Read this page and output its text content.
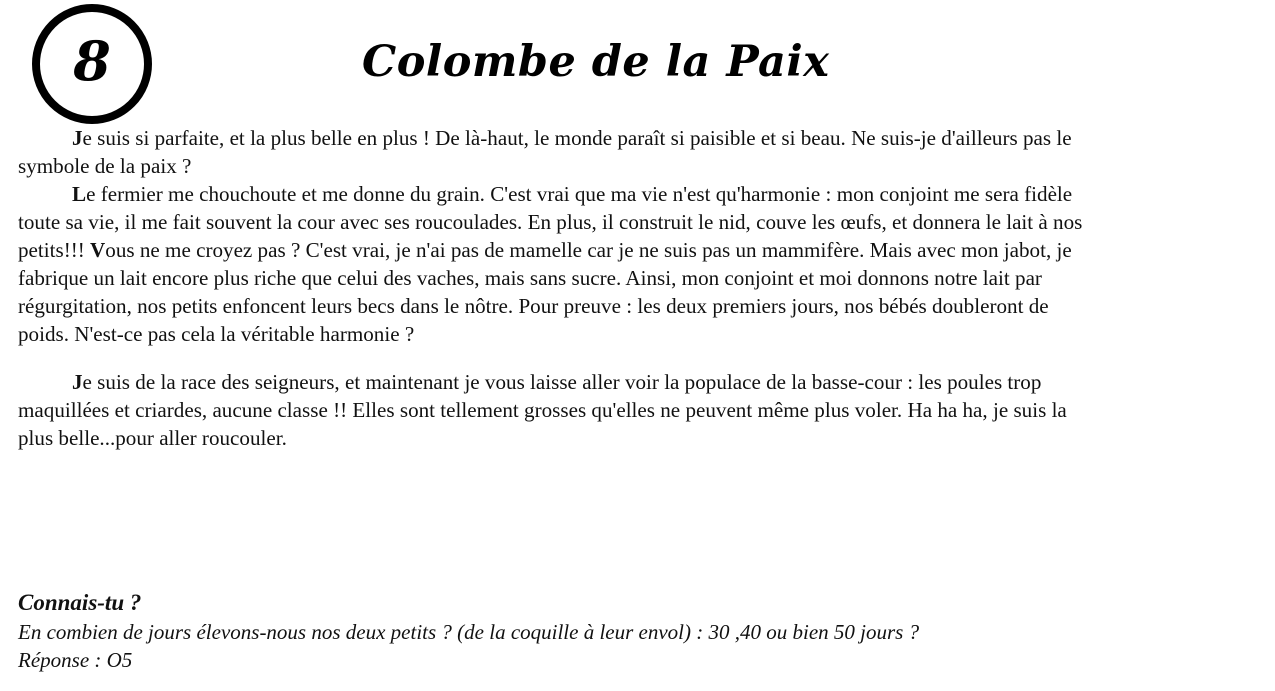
8	Colombe de la Paix

Je suis si parfaite, et la plus belle en plus ! De là-haut, le monde paraît si paisible et si beau. Ne suis-je d'ailleurs pas le symbole de la paix ?

Le fermier me chouchoute et me donne du grain. C'est vrai que ma vie n'est qu'harmonie : mon conjoint me sera fidèle toute sa vie, il me fait souvent la cour avec ses roucoulades. En plus, il construit le nid, couve les œufs, et donnera le lait à nos petits!!! Vous ne me croyez pas ? C'est vrai, je n'ai pas de mamelle car je ne suis pas un mammifère. Mais avec mon jabot, je fabrique un lait encore plus riche que celui des vaches, mais sans sucre. Ainsi, mon conjoint et moi donnons notre lait par régurgitation, nos petits enfoncent leurs becs dans le nôtre. Pour preuve : les deux premiers jours, nos bébés doubleront de poids. N'est-ce pas cela la véritable harmonie ?

Je suis de la race des seigneurs, et maintenant je vous laisse aller voir la populace de la basse-cour : les poules trop maquillées et criardes, aucune classe !! Elles sont tellement grosses qu'elles ne peuvent même plus voler. Ha ha ha, je suis la plus belle...pour aller roucouler.

Connais-tu ?

En combien de jours élevons-nous nos deux petits ? (de la coquille à leur envol) : 30 ,40 ou bien 50 jours ?

Réponse : O5
